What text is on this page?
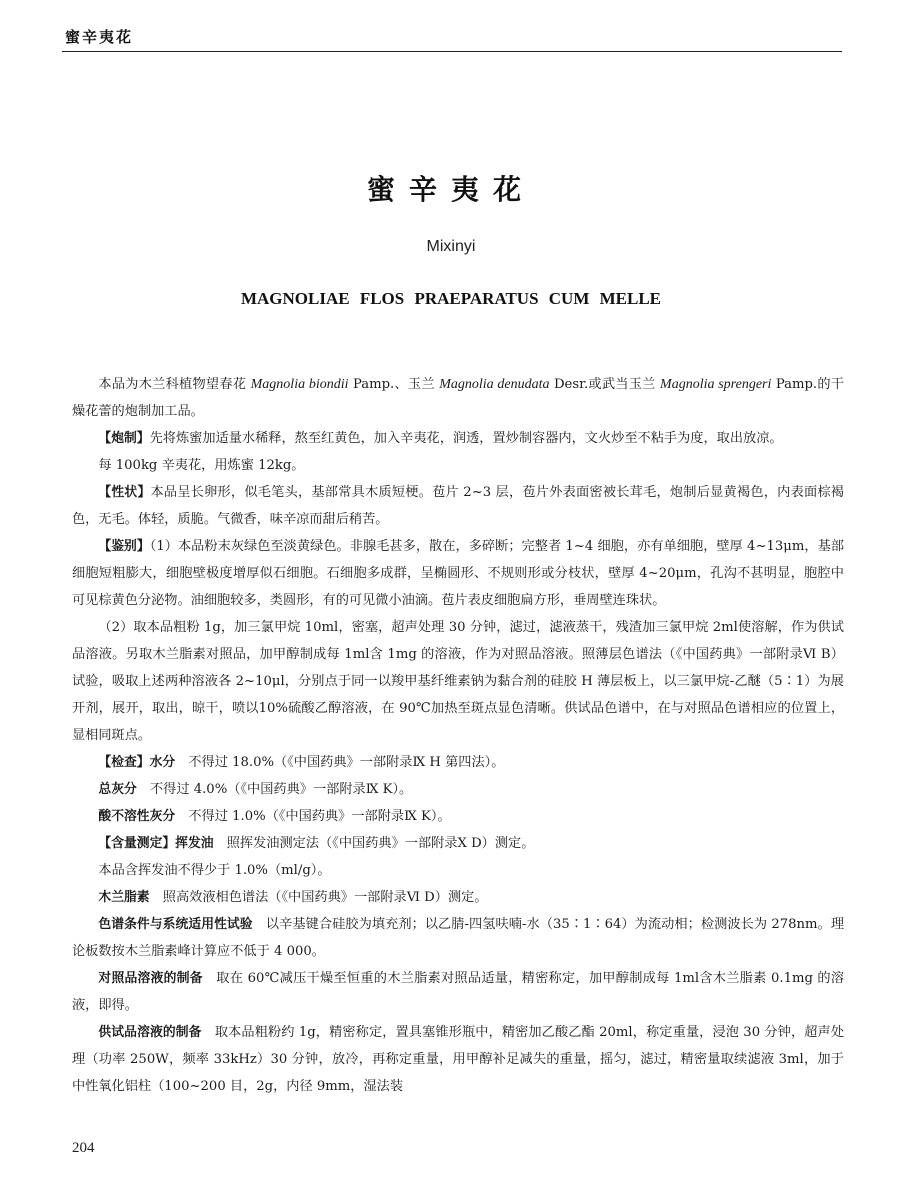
蜜辛夷花
蜜辛夷花
Mixinyi
MAGNOLIAE FLOS PRAEPARATUS CUM MELLE

本品为木兰科植物望春花 Magnolia biondii Pamp.、玉兰 Magnolia denudata Desr.或武当玉兰 Magnolia sprengeri Pamp.的干燥花蕾的炮制加工品。

【炮制】先将炼蜜加适量水稀释，熬至红黄色，加入辛夷花，润透，置炒制容器内，文火炒至不粘手为度，取出放凉。

每 100kg 辛夷花，用炼蜜 12kg。

【性状】本品呈长卵形，似毛笔头，基部常具木质短梗。苞片 2~3 层，苞片外表面密被长茸毛，炮制后显黄褐色，内表面棕褐色，无毛。体轻，质脆。气微香，味辛凉而甜后稍苦。

【鉴别】（1）本品粉末灰绿色至淡黄绿色。非腺毛甚多，散在，多碎断；完整者 1~4 细胞，亦有单细胞，壁厚 4~13μm，基部细胞短粗膨大，细胞壁极度增厚似石细胞。石细胞多成群，呈椭圆形、不规则形或分枝状，壁厚 4~20μm，孔沟不甚明显，胞腔中可见棕黄色分泌物。油细胞较多，类圆形，有的可见微小油滴。苞片表皮细胞扁方形，垂周壁连珠状。

（2）取本品粗粉 1g，加三氯甲烷 10ml，密塞，超声处理 30 分钟，滤过，滤液蒸干，残渣加三氯甲烷 2ml使溶解，作为供试品溶液。另取木兰脂素对照品，加甲醇制成每 1ml含 1mg 的溶液，作为对照品溶液。照薄层色谱法（《中国药典》一部附录Ⅵ B）试验，吸取上述两种溶液各 2~10μl，分别点于同一以羧甲基纤维素钠为黏合剂的硅胶 H 薄层板上，以三氯甲烷-乙醚（5∶1）为展开剂，展开，取出，晾干，喷以10%硫酸乙醇溶液，在 90℃加热至斑点显色清晰。供试品色谱中，在与对照品色谱相应的位置上，显相同斑点。

【检查】水分　 不得过 18.0%（《中国药典》一部附录Ⅸ H 第四法）。

总灰分　 不得过 4.0%（《中国药典》一部附录Ⅸ K）。

酸不溶性灰分　 不得过 1.0%（《中国药典》一部附录Ⅸ K）。

【含量测定】挥发油　 照挥发油测定法（《中国药典》一部附录Ⅹ D）测定。

本品含挥发油不得少于 1.0%（ml/g）。

木兰脂素　 照高效液相色谱法（《中国药典》一部附录Ⅵ D）测定。

色谱条件与系统适用性试验　 以辛基键合硅胶为填充剂；以乙腈-四氢呋喃-水（35∶1∶64）为流动相；检测波长为 278nm。理论板数按木兰脂素峰计算应不低于 4 000。

对照品溶液的制备　 取在 60℃减压干燥至恒重的木兰脂素对照品适量，精密称定，加甲醇制成每 1ml含木兰脂素 0.1mg 的溶液，即得。

供试品溶液的制备　 取本品粗粉约 1g，精密称定，置具塞锥形瓶中，精密加乙酸乙酯 20ml，称定重量，浸泡 30 分钟，超声处理（功率 250W，频率 33kHz）30 分钟，放冷，再称定重量，用甲醇补足减失的重量，摇匀，滤过，精密量取续滤液 3ml，加于中性氧化铝柱（100~200 目，2g，内径 9mm，湿法装

204
